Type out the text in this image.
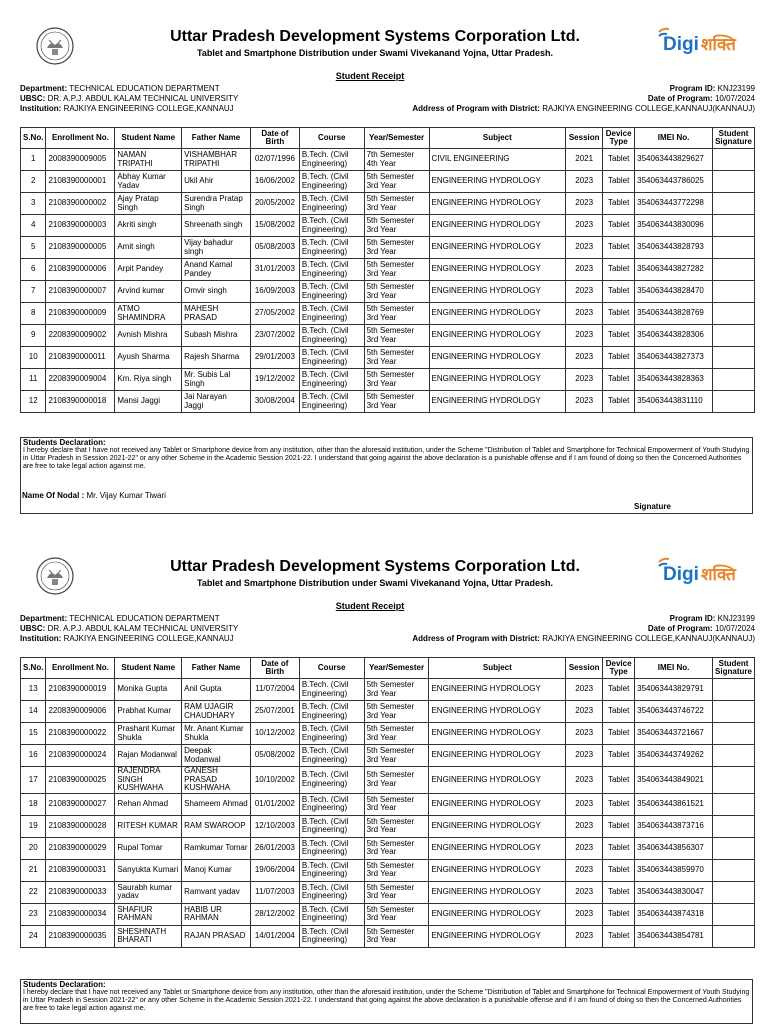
Uttar Pradesh Development Systems Corporation Ltd.
Tablet and Smartphone Distribution under Swami Vivekanand Yojna, Uttar Pradesh.	Digi शक्ति
Student Receipt
Department: TECHNICAL EDUCATION DEPARTMENT
UBSC: DR. A.P.J. ABDUL KALAM TECHNICAL UNIVERSITY
Institution: RAJKIYA ENGINEERING COLLEGE,KANNAUJ
Program ID: KNJ23199
Date of Program: 10/07/2024
Address of Program with District: RAJKIYA ENGINEERING COLLEGE,KANNAUJ(KANNAUJ)
S.No.	Enrollment No.	Student Name	Father Name	Date of Birth	Course	Year/Semester	Subject	Session	Device Type	IMEI No.	Student Signature
1	2008390009005	NAMAN TRIPATHI	VISHAMBHAR TRIPATHI	02/07/1996	B.Tech. (Civil Engineering)	7th Semester 4th Year	CIVIL ENGINEERING	2021	Tablet	354063443829627	
2	2108390000001	Abhay Kumar Yadav	Ukil Ahir	16/06/2002	B.Tech. (Civil Engineering)	5th Semester 3rd Year	ENGINEERING HYDROLOGY	2023	Tablet	354063443786025	
3	2108390000002	Ajay Pratap Singh	Surendra Pratap Singh	20/05/2002	B.Tech. (Civil Engineering)	5th Semester 3rd Year	ENGINEERING HYDROLOGY	2023	Tablet	354063443772298	
4	2108390000003	Akriti singh	Shreenath singh	15/08/2002	B.Tech. (Civil Engineering)	5th Semester 3rd Year	ENGINEERING HYDROLOGY	2023	Tablet	354063443830096	
5	2108390000005	Amit singh	Vijay bahadur singh	05/08/2003	B.Tech. (Civil Engineering)	5th Semester 3rd Year	ENGINEERING HYDROLOGY	2023	Tablet	354063443828793	
6	2108390000006	Arpit Pandey	Anand Kamal Pandey	31/01/2003	B.Tech. (Civil Engineering)	5th Semester 3rd Year	ENGINEERING HYDROLOGY	2023	Tablet	354063443827282	
7	2108390000007	Arvind kumar	Omvir singh	16/09/2003	B.Tech. (Civil Engineering)	5th Semester 3rd Year	ENGINEERING HYDROLOGY	2023	Tablet	354063443828470	
8	2108390000009	ATMO SHAMINDRA	MAHESH PRASAD	27/05/2002	B.Tech. (Civil Engineering)	5th Semester 3rd Year	ENGINEERING HYDROLOGY	2023	Tablet	354063443828769	
9	2208390009002	Avnish Mishra	Subash Mishra	23/07/2002	B.Tech. (Civil Engineering)	5th Semester 3rd Year	ENGINEERING HYDROLOGY	2023	Tablet	354063443828306	
10	2108390000011	Ayush Sharma	Rajesh Sharma	29/01/2003	B.Tech. (Civil Engineering)	5th Semester 3rd Year	ENGINEERING HYDROLOGY	2023	Tablet	354063443827373	
11	2208390009004	Km. Riya singh	Mr. Subis Lal Singh	19/12/2002	B.Tech. (Civil Engineering)	5th Semester 3rd Year	ENGINEERING HYDROLOGY	2023	Tablet	354063443828363	
12	2108390000018	Mansi Jaggi	Jai Narayan Jaggi	30/08/2004	B.Tech. (Civil Engineering)	5th Semester 3rd Year	ENGINEERING HYDROLOGY	2023	Tablet	354063443831110	
Students Declaration:
I hereby declare that I have not received any Tablet or Smartphone device from any institution, other than the aforesaid institution, under the Scheme "Distribution of Tablet and Smartphone for Technical Empowerment of Youth Studying in Uttar Pradesh in Session 2021-22" or any other Scheme in the Academic Session 2021-22. I understand that going against the above declaration is a punishable offense and if I am found of doing so then the Concerned Authorities are free to take legal action against me.
Name Of Nodal : Mr. Vijay Kumar Tiwari
Signature
Uttar Pradesh Development Systems Corporation Ltd.
Tablet and Smartphone Distribution under Swami Vivekanand Yojna, Uttar Pradesh.	Digi शक्ति
Student Receipt
Department: TECHNICAL EDUCATION DEPARTMENT
UBSC: DR. A.P.J. ABDUL KALAM TECHNICAL UNIVERSITY
Institution: RAJKIYA ENGINEERING COLLEGE,KANNAUJ
Program ID: KNJ23199
Date of Program: 10/07/2024
Address of Program with District: RAJKIYA ENGINEERING COLLEGE,KANNAUJ(KANNAUJ)
S.No.	Enrollment No.	Student Name	Father Name	Date of Birth	Course	Year/Semester	Subject	Session	Device Type	IMEI No.	Student Signature
13	2108390000019	Monika Gupta	Anil Gupta	11/07/2004	B.Tech. (Civil Engineering)	5th Semester 3rd Year	ENGINEERING HYDROLOGY	2023	Tablet	354063443829791	
14	2208390009006	Prabhat Kumar	RAM UJAGIR CHAUDHARY	25/07/2001	B.Tech. (Civil Engineering)	5th Semester 3rd Year	ENGINEERING HYDROLOGY	2023	Tablet	354063443746722	
15	2108390000022	Prashant Kumar Shukla	Mr. Anant Kumar Shukla	10/12/2002	B.Tech. (Civil Engineering)	5th Semester 3rd Year	ENGINEERING HYDROLOGY	2023	Tablet	354063443721667	
16	2108390000024	Rajan Modanwal	Deepak Modanwal	05/08/2002	B.Tech. (Civil Engineering)	5th Semester 3rd Year	ENGINEERING HYDROLOGY	2023	Tablet	354063443749262	
17	2108390000025	RAJENDRA SINGH KUSHWAHA	GANESH PRASAD KUSHWAHA	10/10/2002	B.Tech. (Civil Engineering)	5th Semester 3rd Year	ENGINEERING HYDROLOGY	2023	Tablet	354063443849021	
18	2108390000027	Rehan Ahmad	Shameem Ahmad	01/01/2002	B.Tech. (Civil Engineering)	5th Semester 3rd Year	ENGINEERING HYDROLOGY	2023	Tablet	354063443861521	
19	2108390000028	RITESH KUMAR	RAM SWAROOP	12/10/2003	B.Tech. (Civil Engineering)	5th Semester 3rd Year	ENGINEERING HYDROLOGY	2023	Tablet	354063443873716	
20	2108390000029	Rupal Tomar	Ramkumar Tomar	26/01/2003	B.Tech. (Civil Engineering)	5th Semester 3rd Year	ENGINEERING HYDROLOGY	2023	Tablet	354063443856307	
21	2108390000031	Sanyukta Kumari	Manoj Kumar	19/06/2004	B.Tech. (Civil Engineering)	5th Semester 3rd Year	ENGINEERING HYDROLOGY	2023	Tablet	354063443859970	
22	2108390000033	Saurabh kumar yadav	Ramvant yadav	11/07/2003	B.Tech. (Civil Engineering)	5th Semester 3rd Year	ENGINEERING HYDROLOGY	2023	Tablet	354063443830047	
23	2108390000034	SHAFIUR RAHMAN	HABIB UR RAHMAN	28/12/2002	B.Tech. (Civil Engineering)	5th Semester 3rd Year	ENGINEERING HYDROLOGY	2023	Tablet	354063443874318	
24	2108390000035	SHESHNATH BHARATI	RAJAN PRASAD	14/01/2004	B.Tech. (Civil Engineering)	5th Semester 3rd Year	ENGINEERING HYDROLOGY	2023	Tablet	354063443854781	
Students Declaration:
I hereby declare that I have not received any Tablet or Smartphone device from any institution, other than the aforesaid institution, under the Scheme "Distribution of Tablet and Smartphone for Technical Empowerment of Youth Studying in Uttar Pradesh in Session 2021-22" or any other Scheme in the Academic Session 2021-22. I understand that going against the above declaration is a punishable offense and if I am found of doing so then the Concerned Authorities are free to take legal action against me.
